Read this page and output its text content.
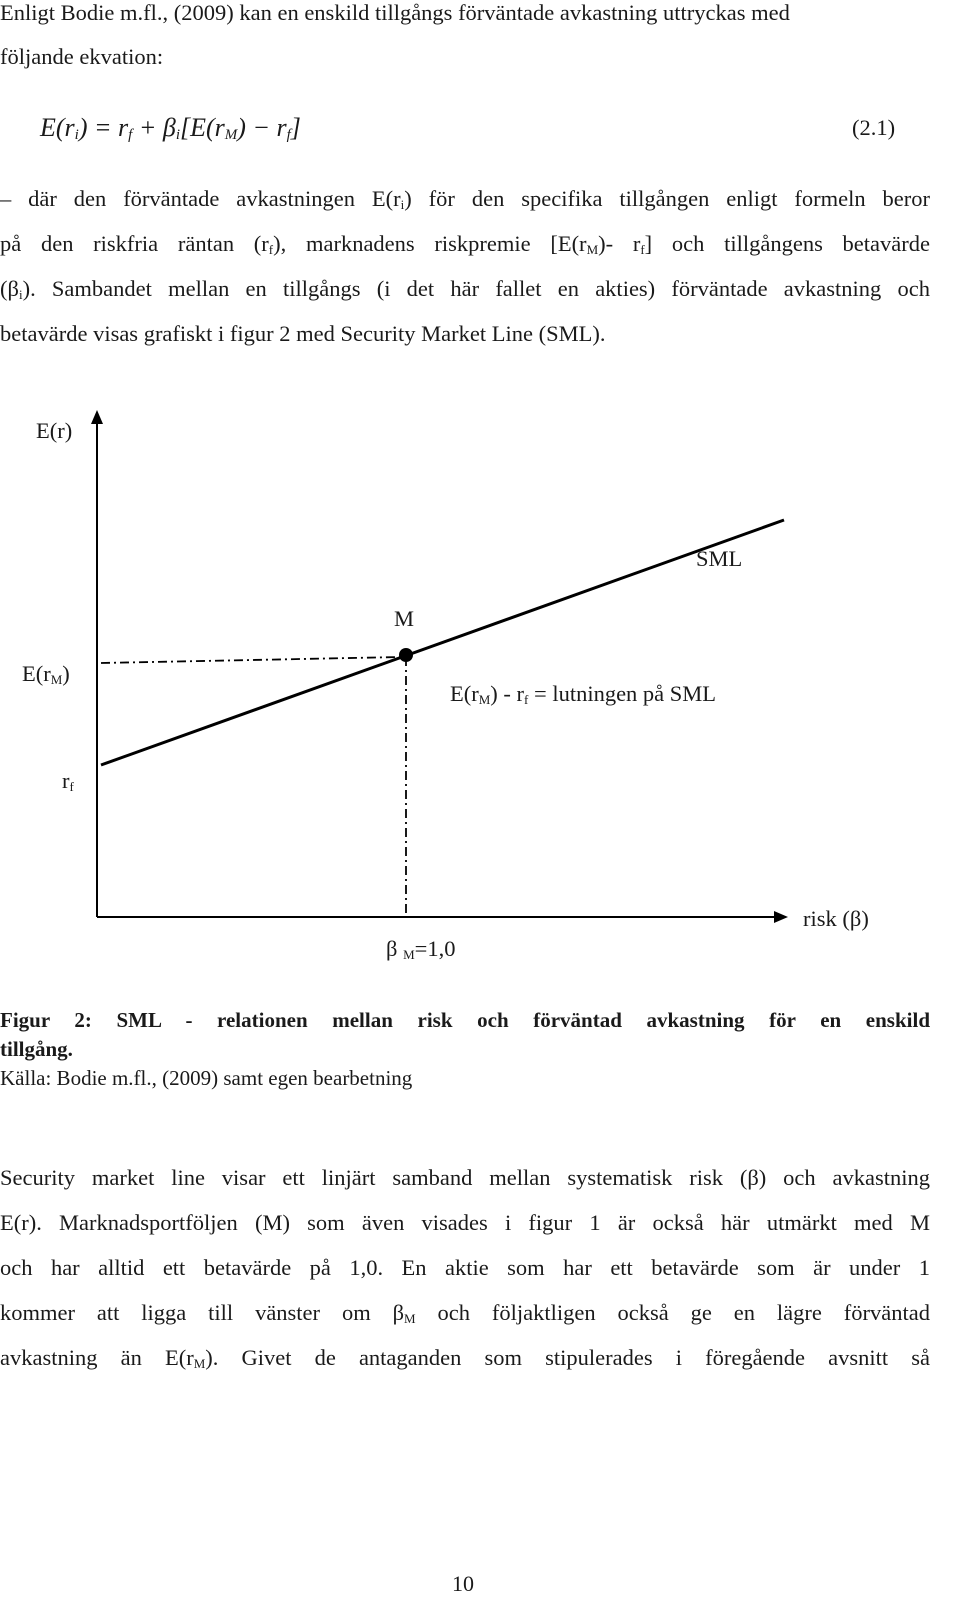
Enligt Bodie m.fl., (2009) kan en enskild tillgångs förväntade avkastning uttryckas med
följande ekvation:
$E(r_i) = r_f + \beta_i[E(r_M) - r_f]$	(2.1)
– där den förväntade avkastningen $E(r_i)$ för den specifika tillgången enligt formeln beror
på den riskfria räntan $(r_f)$, marknadens riskpremie [$E(r_M)-$ $r_f$] och tillgångens betavärde
$(\beta_i)$. Sambandet mellan en tillgångs (i det här fallet en akties) förväntade avkastning och
betavärde visas grafiskt i figur 2 med Security Market Line (SML).
E(r)
SML
M
$E(r_M)$
$E(r_M) - r_f$ = lutningen på SML
$r_f$
risk (β)
β $_M$=1,0
Figur 2: SML - relationen mellan risk och förväntad avkastning för en enskild
tillgång.
Källa: Bodie m.fl., (2009) samt egen bearbetning
Security market line visar ett linjärt samband mellan systematisk risk (β) och avkastning
E(r). Marknadsportföljen (M) som även visades i figur 1 är också här utmärkt med M
och har alltid ett betavärde på 1,0. En aktie som har ett betavärde som är under 1
kommer att ligga till vänster om $\beta_M$ och följaktligen också ge en lägre förväntad
avkastning än $E(r_M)$. Givet de antaganden som stipulerades i föregående avsnitt så
10
